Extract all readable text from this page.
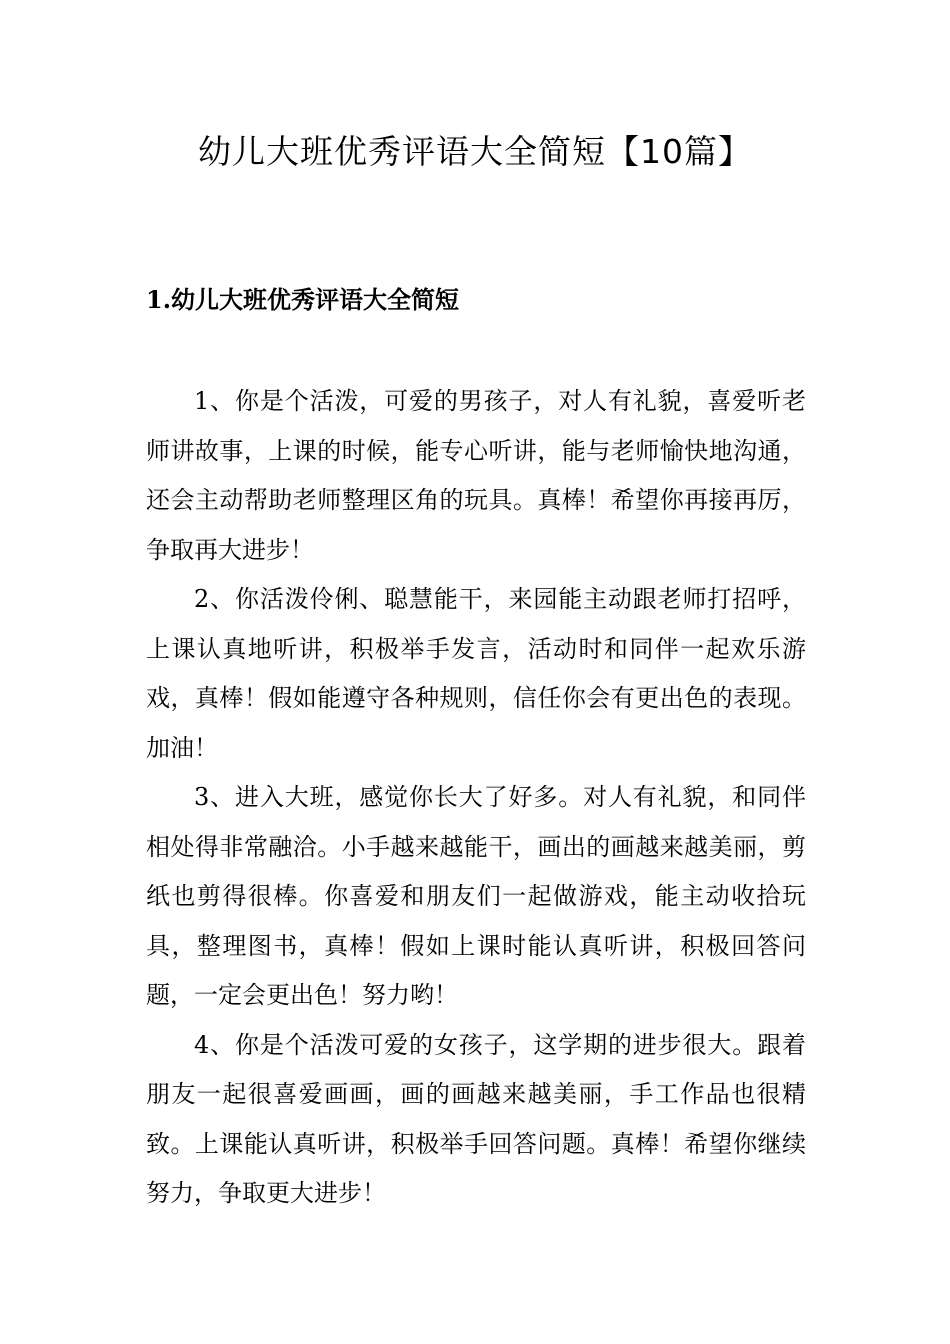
幼儿大班优秀评语大全简短【10篇】
1.幼儿大班优秀评语大全简短

1、你是个活泼，可爱的男孩子，对人有礼貌，喜爱听老师讲故事，上课的时候，能专心听讲，能与老师愉快地沟通，还会主动帮助老师整理区角的玩具。真棒！希望你再接再厉，争取再大进步！

2、你活泼伶俐、聪慧能干，来园能主动跟老师打招呼，上课认真地听讲，积极举手发言，活动时和同伴一起欢乐游戏，真棒！假如能遵守各种规则，信任你会有更出色的表现。加油！

3、进入大班，感觉你长大了好多。对人有礼貌，和同伴相处得非常融洽。小手越来越能干，画出的画越来越美丽，剪纸也剪得很棒。你喜爱和朋友们一起做游戏，能主动收拾玩具，整理图书，真棒！假如上课时能认真听讲，积极回答问题，一定会更出色！努力哟！

4、你是个活泼可爱的女孩子，这学期的进步很大。跟着朋友一起很喜爱画画，画的画越来越美丽，手工作品也很精致。上课能认真听讲，积极举手回答问题。真棒！希望你继续努力，争取更大进步！
